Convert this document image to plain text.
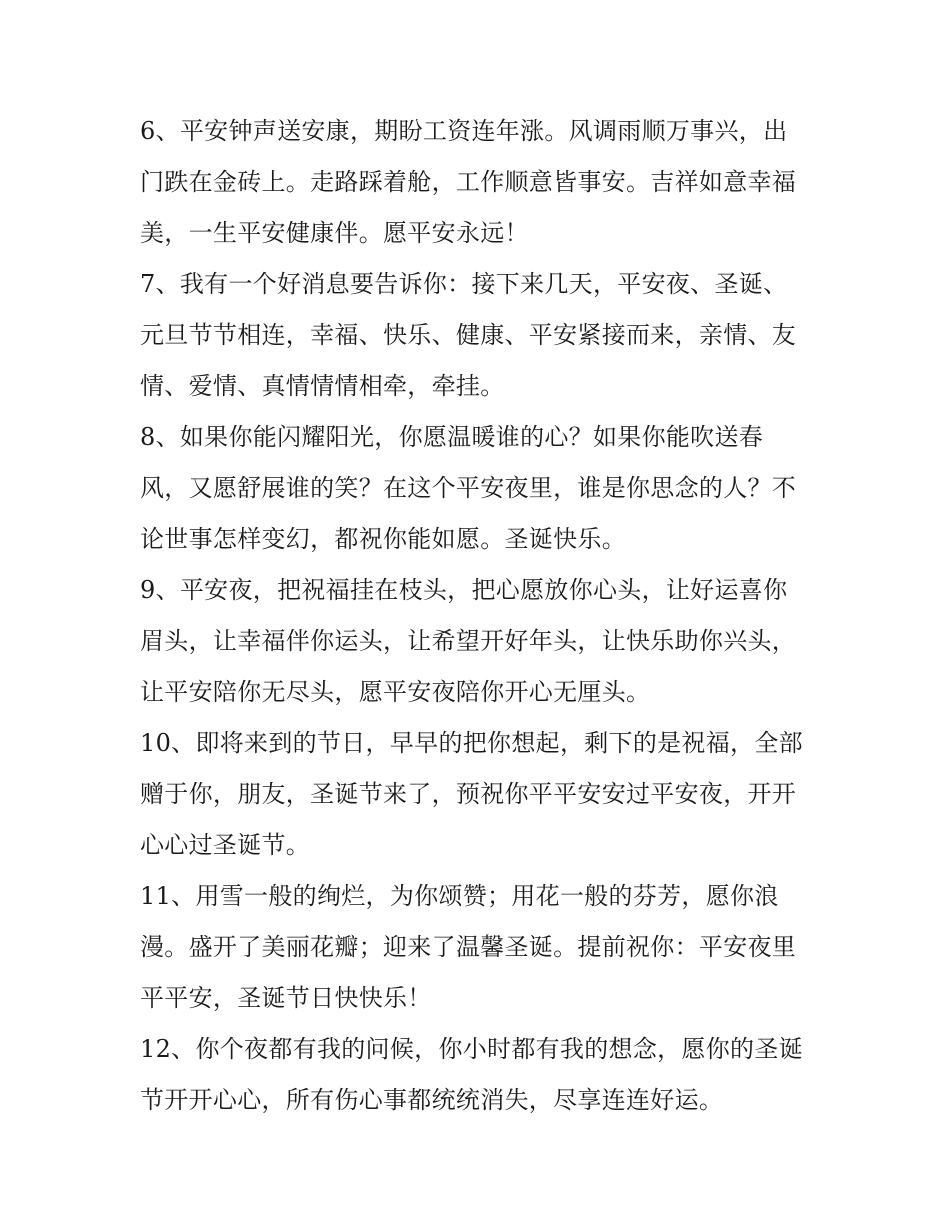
6、平安钟声送安康，期盼工资连年涨。风调雨顺万事兴，出
门跌在金砖上。走路踩着舱，工作顺意皆事安。吉祥如意幸福
美，一生平安健康伴。愿平安永远！
7、我有一个好消息要告诉你：接下来几天，平安夜、圣诞、
元旦节节相连，幸福、快乐、健康、平安紧接而来，亲情、友
情、爱情、真情情情相牵，牵挂。
8、如果你能闪耀阳光，你愿温暖谁的心？如果你能吹送春
风，又愿舒展谁的笑？在这个平安夜里，谁是你思念的人？不
论世事怎样变幻，都祝你能如愿。圣诞快乐。
9、平安夜，把祝福挂在枝头，把心愿放你心头，让好运喜你
眉头，让幸福伴你运头，让希望开好年头，让快乐助你兴头，
让平安陪你无尽头，愿平安夜陪你开心无厘头。
10、即将来到的节日，早早的把你想起，剩下的是祝福，全部
赠于你，朋友，圣诞节来了，预祝你平平安安过平安夜，开开
心心过圣诞节。
11、用雪一般的绚烂，为你颂赞；用花一般的芬芳，愿你浪
漫。盛开了美丽花瓣；迎来了温馨圣诞。提前祝你：平安夜里
平平安，圣诞节日快快乐！
12、你个夜都有我的问候，你小时都有我的想念，愿你的圣诞
节开开心心，所有伤心事都统统消失，尽享连连好运。
